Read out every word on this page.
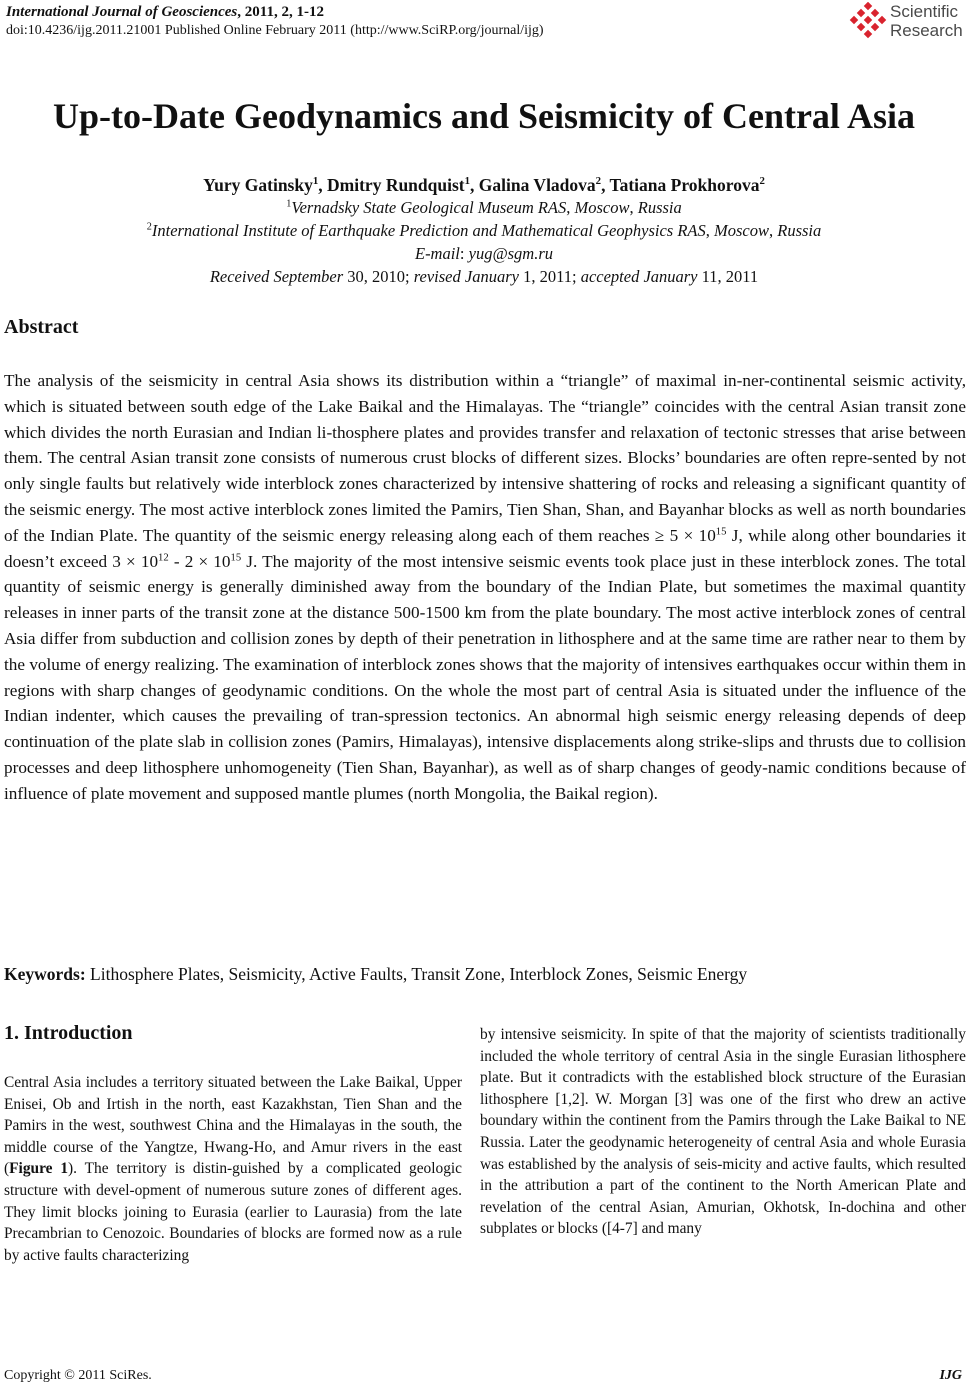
International Journal of Geosciences, 2011, 2, 1-12
doi:10.4236/ijg.2011.21001 Published Online February 2011 (http://www.SciRP.org/journal/ijg)
Scientific
Research
Up-to-Date Geodynamics and Seismicity of Central Asia
Yury Gatinsky$^1$, Dmitry Rundquist$^1$, Galina Vladova$^2$, Tatiana Prokhorova$^2$
$^1$Vernadsky State Geological Museum RAS, Moscow, Russia
$^2$International Institute of Earthquake Prediction and Mathematical Geophysics RAS, Moscow, Russia
E-mail: yug@sgm.ru
Received September 30, 2010; revised January 1, 2011; accepted January 11, 2011
Abstract
The analysis of the seismicity in central Asia shows its distribution within a “triangle” of maximal in-ner-continental seismic activity, which is situated between south edge of the Lake Baikal and the Himalayas. The “triangle” coincides with the central Asian transit zone which divides the north Eurasian and Indian li-thosphere plates and provides transfer and relaxation of tectonic stresses that arise between them. The central Asian transit zone consists of numerous crust blocks of different sizes. Blocks’ boundaries are often repre-sented by not only single faults but relatively wide interblock zones characterized by intensive shattering of rocks and releasing a significant quantity of the seismic energy. The most active interblock zones limited the Pamirs, Tien Shan, Shan, and Bayanhar blocks as well as north boundaries of the Indian Plate. The quantity of the seismic energy releasing along each of them reaches ≥ $5 \times 10^{15}$ J, while along other boundaries it doesn’t exceed $3 \times 10^{12} - 2 \times 10^{15}$ J. The majority of the most intensive seismic events took place just in these interblock zones. The total quantity of seismic energy is generally diminished away from the boundary of the Indian Plate, but sometimes the maximal quantity releases in inner parts of the transit zone at the distance 500-1500 km from the plate boundary. The most active interblock zones of central Asia differ from subduction and collision zones by depth of their penetration in lithosphere and at the same time are rather near to them by the volume of energy realizing. The examination of interblock zones shows that the majority of intensives earthquakes occur within them in regions with sharp changes of geodynamic conditions. On the whole the most part of central Asia is situated under the influence of the Indian indenter, which causes the prevailing of tran-spression tectonics. An abnormal high seismic energy releasing depends of deep continuation of the plate slab in collision zones (Pamirs, Himalayas), intensive displacements along strike-slips and thrusts due to collision processes and deep lithosphere unhomogeneity (Tien Shan, Bayanhar), as well as of sharp changes of geody-namic conditions because of influence of plate movement and supposed mantle plumes (north Mongolia, the Baikal region).
Keywords: Lithosphere Plates, Seismicity, Active Faults, Transit Zone, Interblock Zones, Seismic Energy
1. Introduction
Central Asia includes a territory situated between the Lake Baikal, Upper Enisei, Ob and Irtish in the north, east Kazakhstan, Tien Shan and the Pamirs in the west, southwest China and the Himalayas in the south, the middle course of the Yangtze, Hwang-Ho, and Amur rivers in the east (Figure 1). The territory is distin-guished by a complicated geologic structure with devel-opment of numerous suture zones of different ages. They limit blocks joining to Eurasia (earlier to Laurasia) from the late Precambrian to Cenozoic. Boundaries of blocks are formed now as a rule by active faults characterizing
by intensive seismicity. In spite of that the majority of scientists traditionally included the whole territory of central Asia in the single Eurasian lithosphere plate. But it contradicts with the established block structure of the Eurasian lithosphere [1,2]. W. Morgan [3] was one of the first who drew an active boundary within the continent from the Pamirs through the Lake Baikal to NE Russia. Later the geodynamic heterogeneity of central Asia and whole Eurasia was established by the analysis of seis-micity and active faults, which resulted in the attribution a part of the continent to the North American Plate and revelation of the central Asian, Amurian, Okhotsk, In-dochina and other subplates or blocks ([4-7] and many
Copyright © 2011 SciRes.	IJG
